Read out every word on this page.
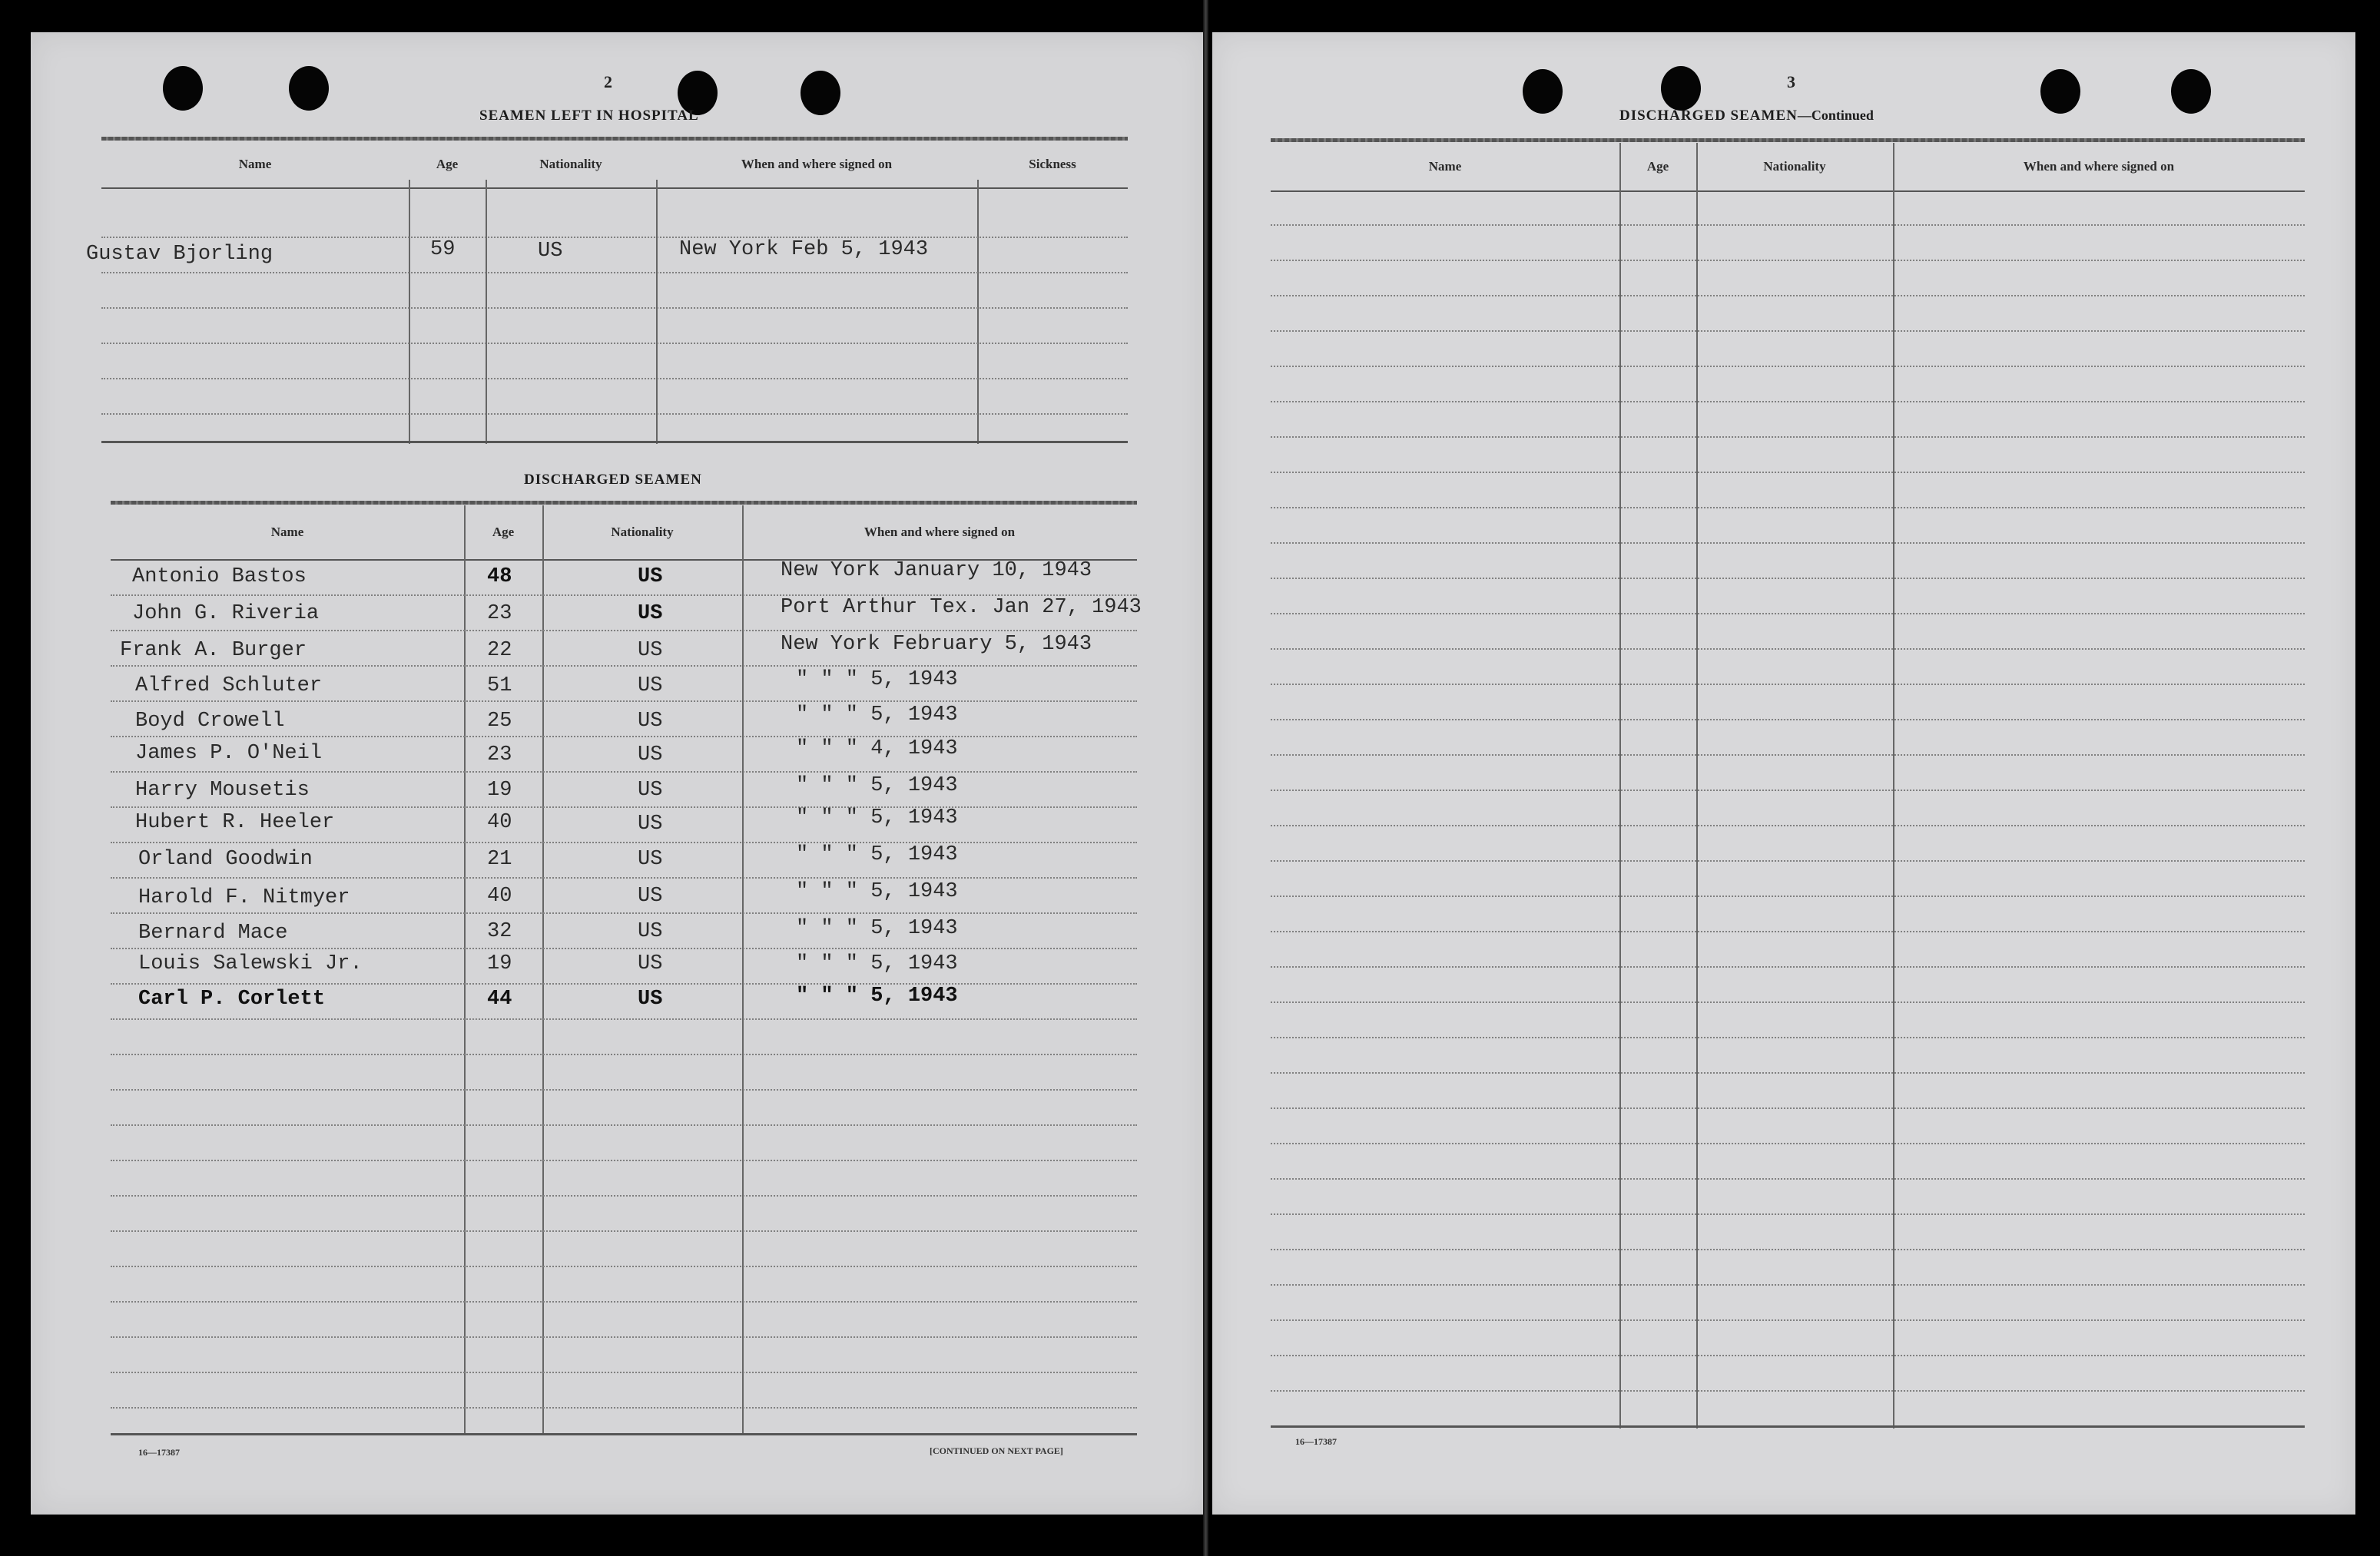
2
SEAMEN LEFT IN HOSPITAL
Name	Age	Nationality	When and where signed on	Sickness
Gustav Bjorling	59	US	New York Feb 5, 1943
DISCHARGED SEAMEN
Name	Age	Nationality	When and where signed on
Antonio Bastos	48	US	New York January 10, 1943
John G. Riveria	23	US	Port Arthur Tex. Jan 27, 1943
Frank A. Burger	22	US	New York February 5, 1943
Alfred Schluter	51	US	" " " 5, 1943
Boyd Crowell	25	US	" " " 5, 1943
James P. O'Neil	23	US	" " " 4, 1943
Harry Mousetis	19	US	" " " 5, 1943
Hubert R. Heeler	40	US	" " " 5, 1943
Orland Goodwin	21	US	" " " 5, 1943
Harold F. Nitmyer	40	US	" " " 5, 1943
Bernard Mace	32	US	" " " 5, 1943
Louis Salewski Jr.	19	US	" " " 5, 1943
Carl P. Corlett	44	US	" " " 5, 1943
16—17387	[CONTINUED ON NEXT PAGE]
3
DISCHARGED SEAMEN—Continued
Name	Age	Nationality	When and where signed on
16—17387
